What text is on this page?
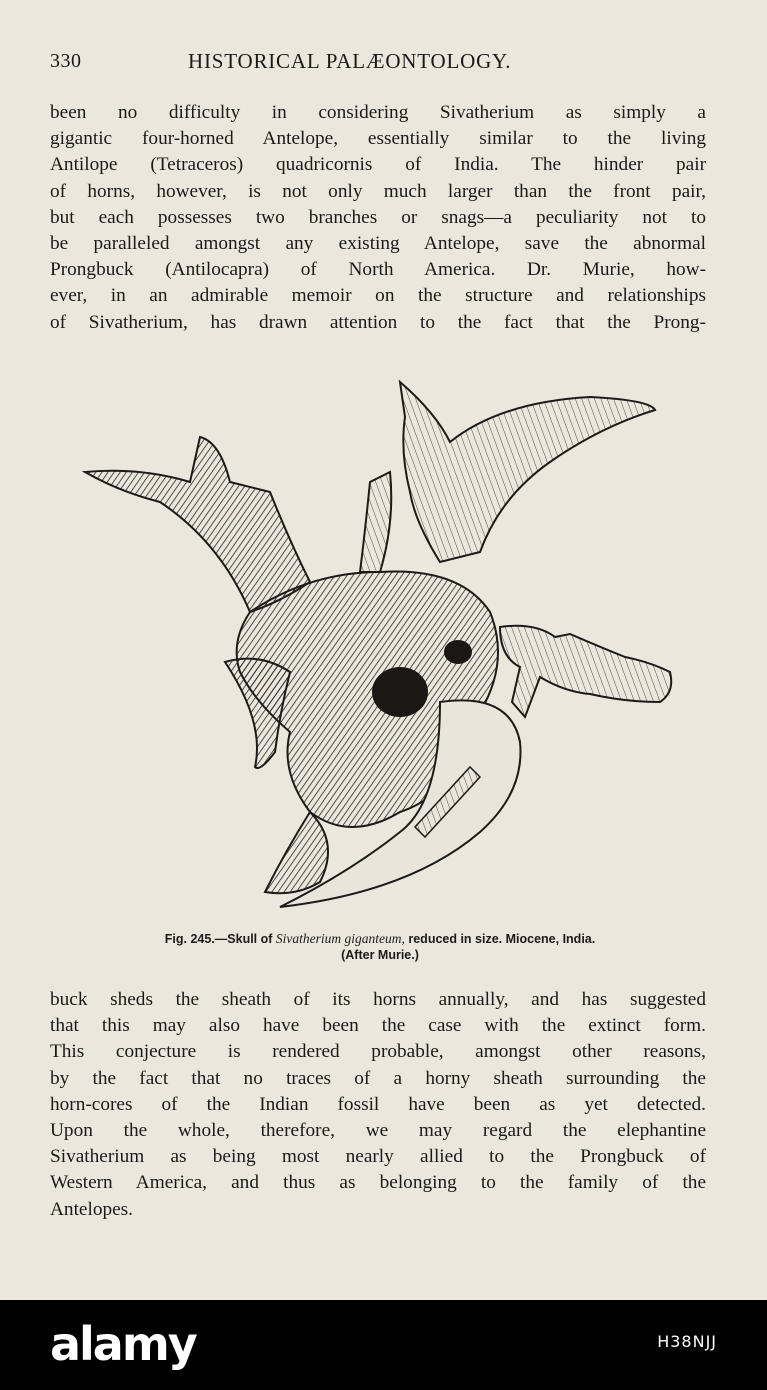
330	HISTORICAL PALÆONTOLOGY.

been no difficulty in considering Sivatherium as simply a
gigantic four-horned Antelope, essentially similar to the living
Antilope (Tetraceros) quadricornis of India. The hinder pair
of horns, however, is not only much larger than the front pair,
but each possesses two branches or snags—a peculiarity not to
be paralleled amongst any existing Antelope, save the abnormal
Prongbuck (Antilocapra) of North America. Dr. Murie, how-
ever, in an admirable memoir on the structure and relationships
of Sivatherium, has drawn attention to the fact that the Prong-

Fig. 245.—Skull of Sivatherium giganteum, reduced in size. Miocene, India.
(After Murie.)

buck sheds the sheath of its horns annually, and has suggested
that this may also have been the case with the extinct form.
This conjecture is rendered probable, amongst other reasons,
by the fact that no traces of a horny sheath surrounding the
horn-cores of the Indian fossil have been as yet detected.
Upon the whole, therefore, we may regard the elephantine
Sivatherium as being most nearly allied to the Prongbuck of
Western America, and thus as belonging to the family of the
Antelopes.

alamy	H38NJJ
